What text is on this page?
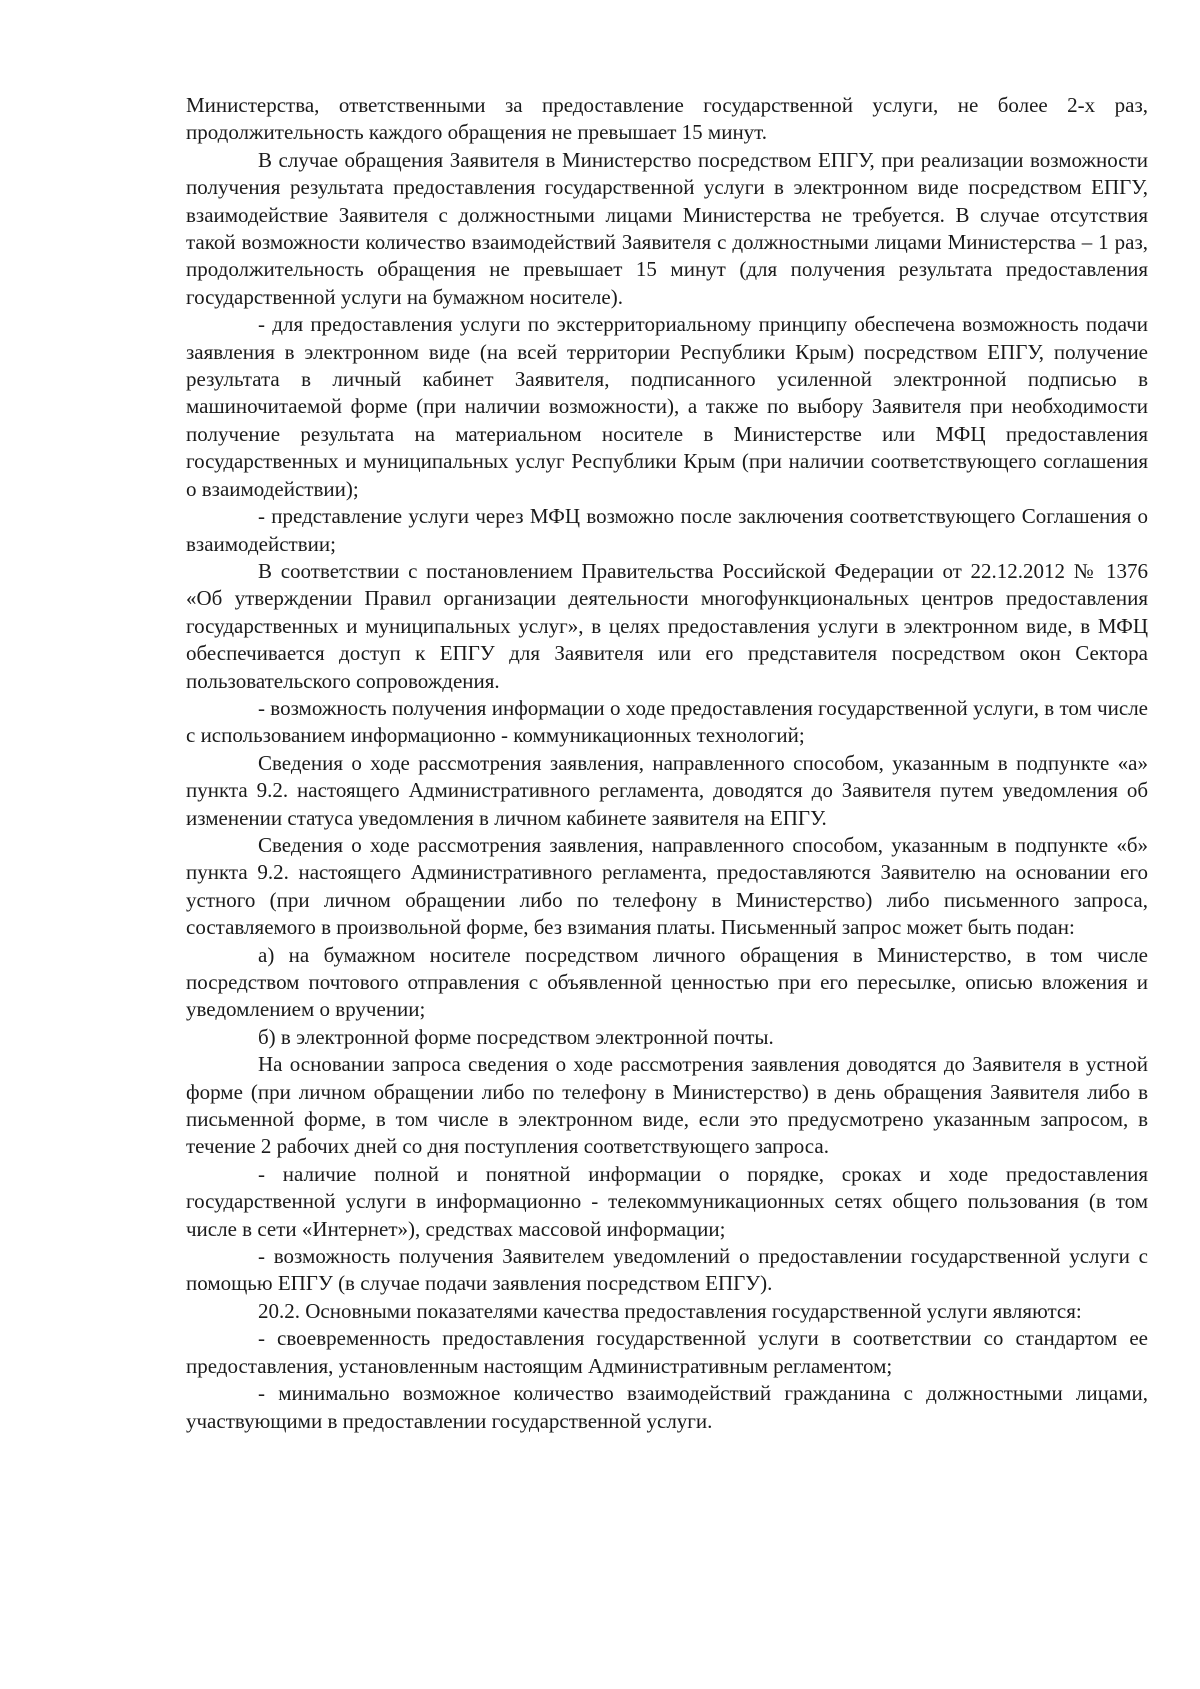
Министерства, ответственными за предоставление государственной услуги, не более 2-х раз, продолжительность каждого обращения не превышает 15 минут.

В случае обращения Заявителя в Министерство посредством ЕПГУ, при реализации возможности получения результата предоставления государственной услуги в электронном виде посредством ЕПГУ, взаимодействие Заявителя с должностными лицами Министерства не требуется. В случае отсутствия такой возможности количество взаимодействий Заявителя с должностными лицами Министерства – 1 раз, продолжительность обращения не превышает 15 минут (для получения результата предоставления государственной услуги на бумажном носителе).

- для предоставления услуги по экстерриториальному принципу обеспечена возможность подачи заявления в электронном виде (на всей территории Республики Крым) посредством ЕПГУ, получение результата в личный кабинет Заявителя, подписанного усиленной электронной подписью в машиночитаемой форме (при наличии возможности), а также по выбору Заявителя при необходимости получение результата на материальном носителе в Министерстве или МФЦ предоставления государственных и муниципальных услуг Республики Крым (при наличии соответствующего соглашения о взаимодействии);

- представление услуги через МФЦ возможно после заключения соответствующего Соглашения о взаимодействии;

В соответствии с постановлением Правительства Российской Федерации от 22.12.2012 № 1376 «Об утверждении Правил организации деятельности многофункциональных центров предоставления государственных и муниципальных услуг», в целях предоставления услуги в электронном виде, в МФЦ обеспечивается доступ к ЕПГУ для Заявителя или его представителя посредством окон Сектора пользовательского сопровождения.

- возможность получения информации о ходе предоставления государственной услуги, в том числе с использованием информационно - коммуникационных технологий;

Сведения о ходе рассмотрения заявления, направленного способом, указанным в подпункте «а» пункта 9.2. настоящего Административного регламента, доводятся до Заявителя путем уведомления об изменении статуса уведомления в личном кабинете заявителя на ЕПГУ.

Сведения о ходе рассмотрения заявления, направленного способом, указанным в подпункте «б» пункта 9.2. настоящего Административного регламента, предоставляются Заявителю на основании его устного (при личном обращении либо по телефону в Министерство) либо письменного запроса, составляемого в произвольной форме, без взимания платы. Письменный запрос может быть подан:

а) на бумажном носителе посредством личного обращения в Министерство, в том числе посредством почтового отправления с объявленной ценностью при его пересылке, описью вложения и уведомлением о вручении;

б) в электронной форме посредством электронной почты.

На основании запроса сведения о ходе рассмотрения заявления доводятся до Заявителя в устной форме (при личном обращении либо по телефону в Министерство) в день обращения Заявителя либо в письменной форме, в том числе в электронном виде, если это предусмотрено указанным запросом, в течение 2 рабочих дней со дня поступления соответствующего запроса.

- наличие полной и понятной информации о порядке, сроках и ходе предоставления государственной услуги в информационно - телекоммуникационных сетях общего пользования (в том числе в сети «Интернет»), средствах массовой информации;

- возможность получения Заявителем уведомлений о предоставлении государственной услуги с помощью ЕПГУ (в случае подачи заявления посредством ЕПГУ).

20.2. Основными показателями качества предоставления государственной услуги являются:

- своевременность предоставления государственной услуги в соответствии со стандартом ее предоставления, установленным настоящим Административным регламентом;

- минимально возможное количество взаимодействий гражданина с должностными лицами, участвующими в предоставлении государственной услуги.
